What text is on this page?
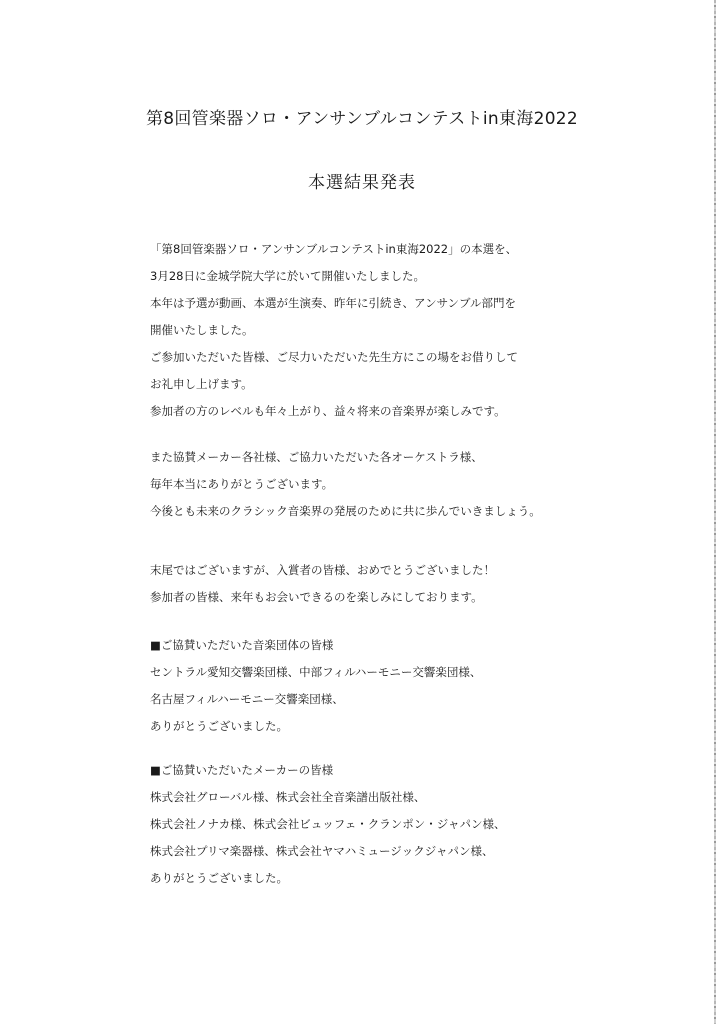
第8回管楽器ソロ・アンサンブルコンテストin東海2022
本選結果発表
「第8回管楽器ソロ・アンサンブルコンテストin東海2022」の本選を、
3月28日に金城学院大学に於いて開催いたしました。
本年は予選が動画、本選が生演奏、昨年に引続き、アンサンブル部門を
開催いたしました。
ご参加いただいた皆様、ご尽力いただいた先生方にこの場をお借りして
お礼申し上げます。
参加者の方のレベルも年々上がり、益々将来の音楽界が楽しみです。
また協賛メーカー各社様、ご協力いただいた各オーケストラ様、
毎年本当にありがとうございます。
今後とも未来のクラシック音楽界の発展のために共に歩んでいきましょう。
末尾ではございますが、入賞者の皆様、おめでとうございました！
参加者の皆様、来年もお会いできるのを楽しみにしております。
■ご協賛いただいた音楽団体の皆様
セントラル愛知交響楽団様、中部フィルハーモニー交響楽団様、
名古屋フィルハーモニー交響楽団様、
ありがとうございました。
■ご協賛いただいたメーカーの皆様
株式会社グローバル様、株式会社全音楽譜出版社様、
株式会社ノナカ様、株式会社ビュッフェ・クランポン・ジャパン様、
株式会社プリマ楽器様、株式会社ヤマハミュージックジャパン様、
ありがとうございました。
